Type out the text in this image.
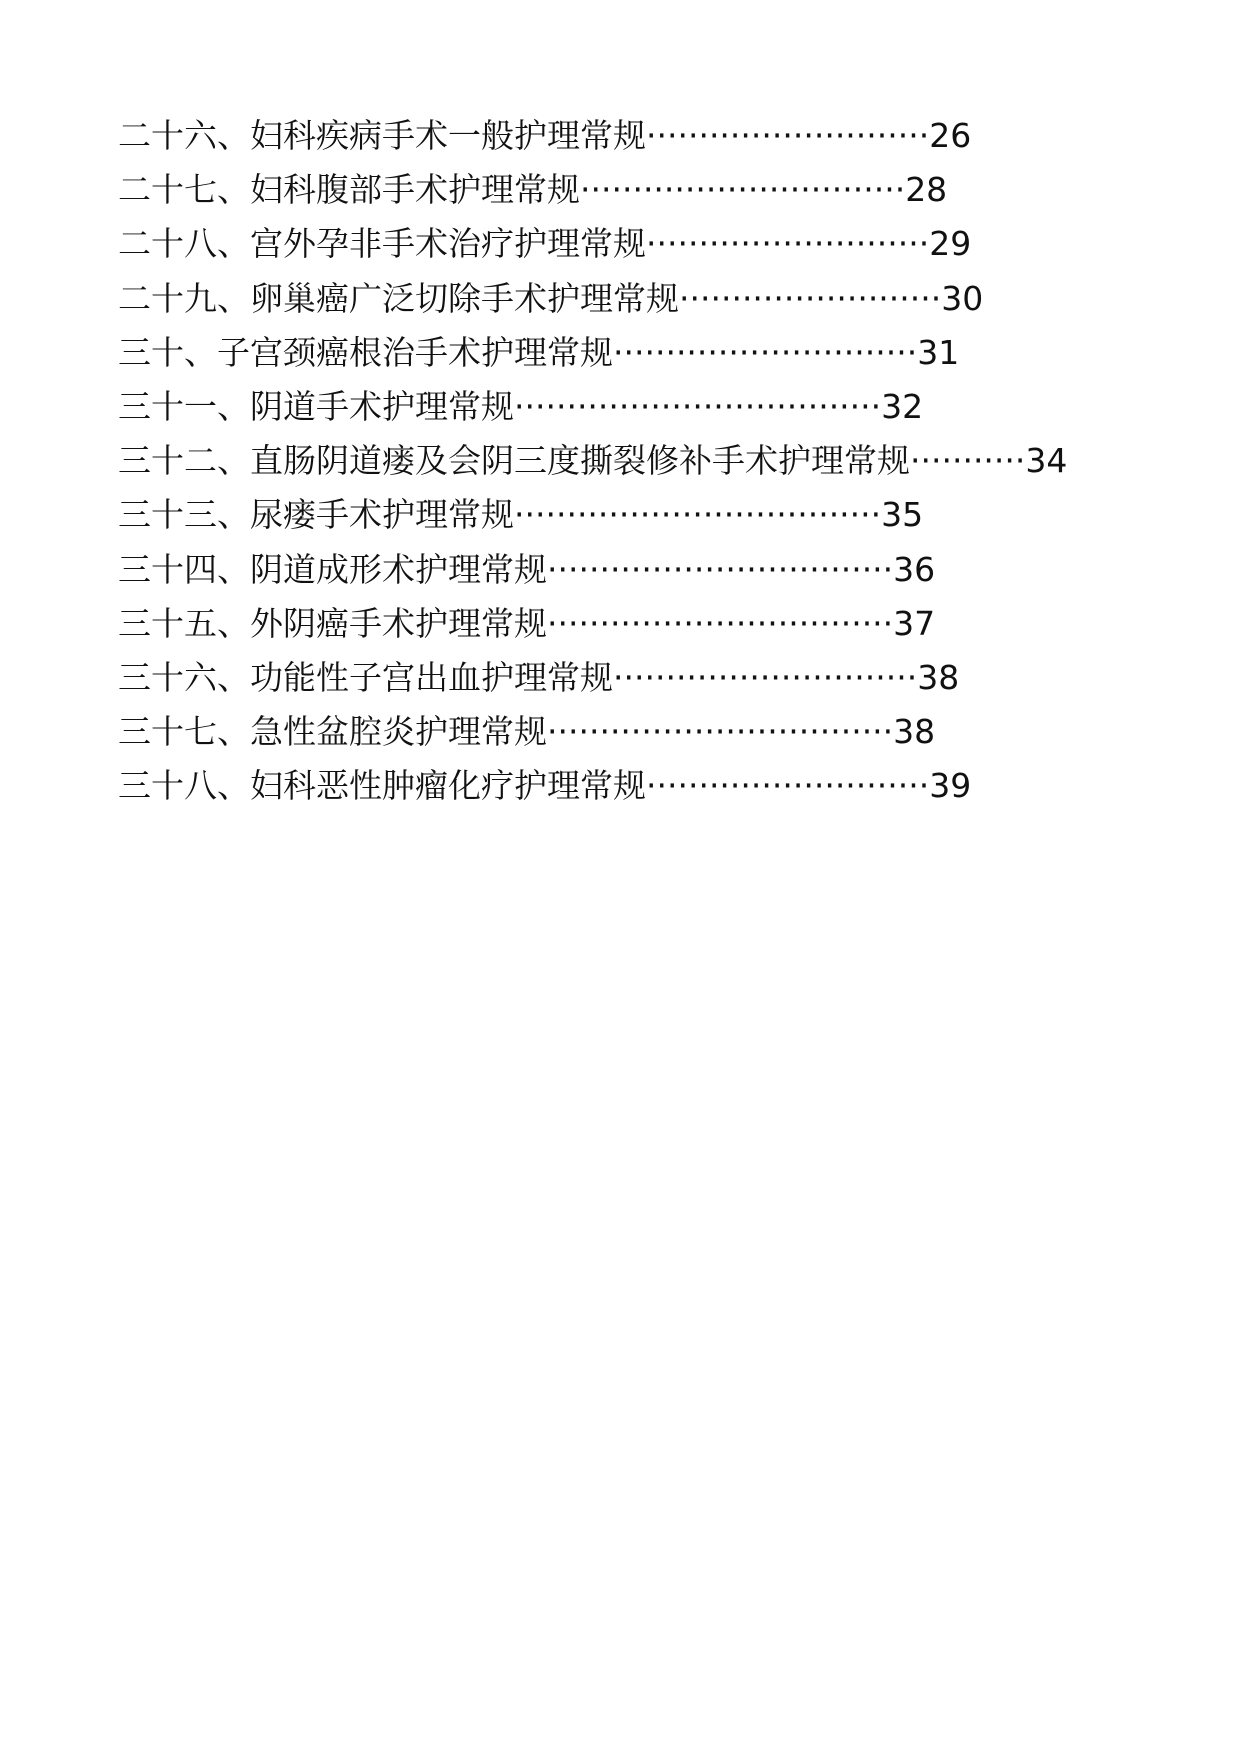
二十六、妇科疾病手术一般护理常规···························26
二十七、妇科腹部手术护理常规·······························28
二十八、宫外孕非手术治疗护理常规···························29
二十九、卵巢癌广泛切除手术护理常规·························30
三十、子宫颈癌根治手术护理常规·····························31
三十一、阴道手术护理常规···································32
三十二、直肠阴道瘘及会阴三度撕裂修补手术护理常规···········34
三十三、尿瘘手术护理常规···································35
三十四、阴道成形术护理常规·································36
三十五、外阴癌手术护理常规·································37
三十六、功能性子宫出血护理常规·····························38
三十七、急性盆腔炎护理常规·································38
三十八、妇科恶性肿瘤化疗护理常规···························39
